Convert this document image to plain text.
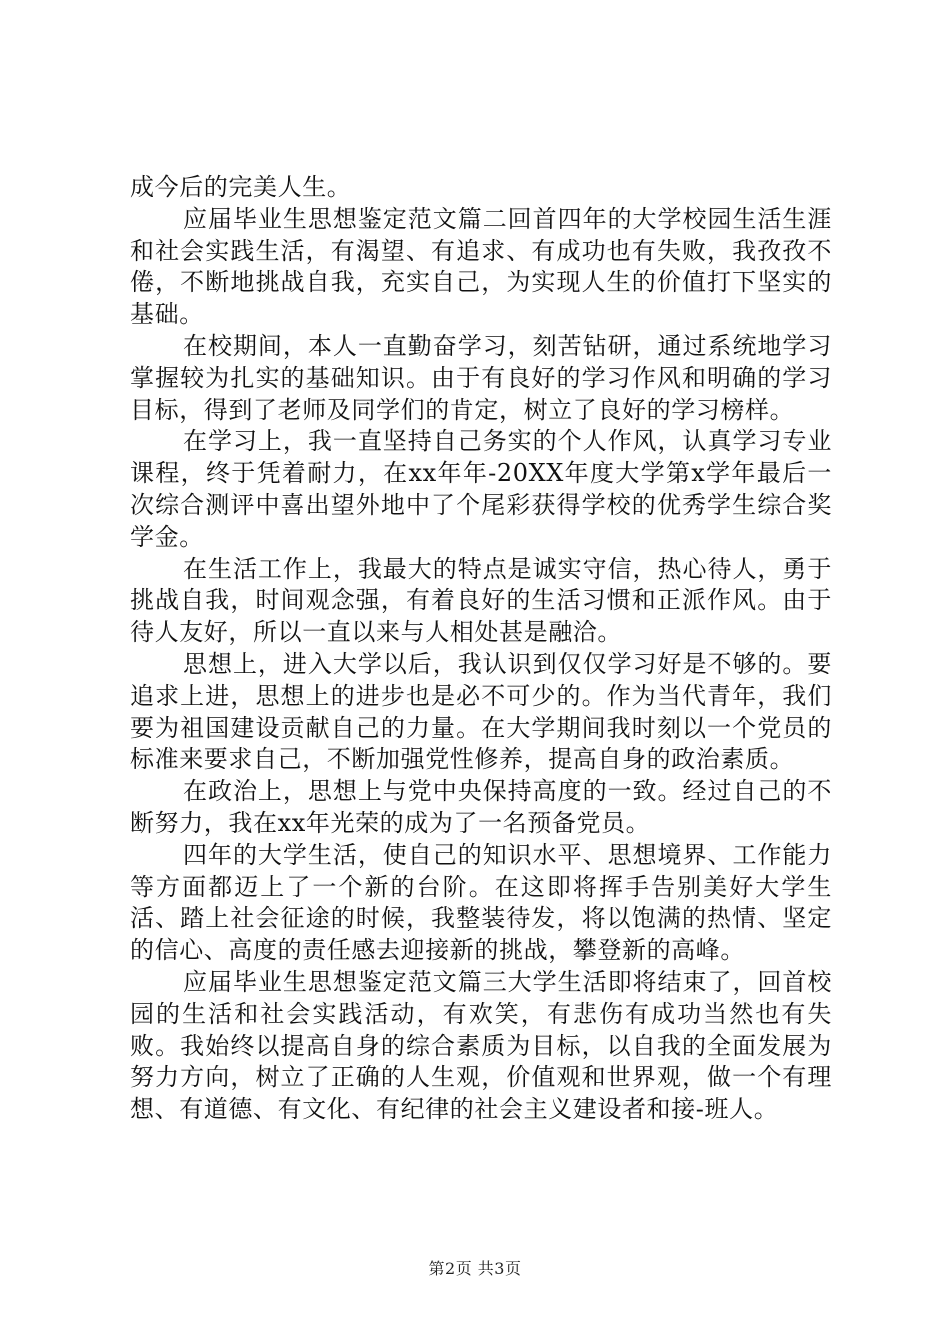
成今后的完美人生。

应届毕业生思想鉴定范文篇二回首四年的大学校园生活生涯和社会实践生活，有渴望、有追求、有成功也有失败，我孜孜不倦，不断地挑战自我，充实自己，为实现人生的价值打下坚实的基础。

在校期间，本人一直勤奋学习，刻苦钻研，通过系统地学习掌握较为扎实的基础知识。由于有良好的学习作风和明确的学习目标，得到了老师及同学们的肯定，树立了良好的学习榜样。

在学习上，我一直坚持自己务实的个人作风，认真学习专业课程，终于凭着耐力，在xx年年-20XX年度大学第x学年最后一次综合测评中喜出望外地中了个尾彩获得学校的优秀学生综合奖学金。

在生活工作上，我最大的特点是诚实守信，热心待人，勇于挑战自我，时间观念强，有着良好的生活习惯和正派作风。由于待人友好，所以一直以来与人相处甚是融洽。

思想上，进入大学以后，我认识到仅仅学习好是不够的。要追求上进，思想上的进步也是必不可少的。作为当代青年，我们要为祖国建设贡献自己的力量。在大学期间我时刻以一个党员的标准来要求自己，不断加强党性修养，提高自身的政治素质。

在政治上，思想上与党中央保持高度的一致。经过自己的不断努力，我在xx年光荣的成为了一名预备党员。

四年的大学生活，使自己的知识水平、思想境界、工作能力等方面都迈上了一个新的台阶。在这即将挥手告别美好大学生活、踏上社会征途的时候，我整装待发，将以饱满的热情、坚定的信心、高度的责任感去迎接新的挑战，攀登新的高峰。

应届毕业生思想鉴定范文篇三大学生活即将结束了，回首校园的生活和社会实践活动，有欢笑，有悲伤有成功当然也有失败。我始终以提高自身的综合素质为目标，以自我的全面发展为努力方向，树立了正确的人生观，价值观和世界观，做一个有理想、有道德、有文化、有纪律的社会主义建设者和接-班人。

第2页 共3页
